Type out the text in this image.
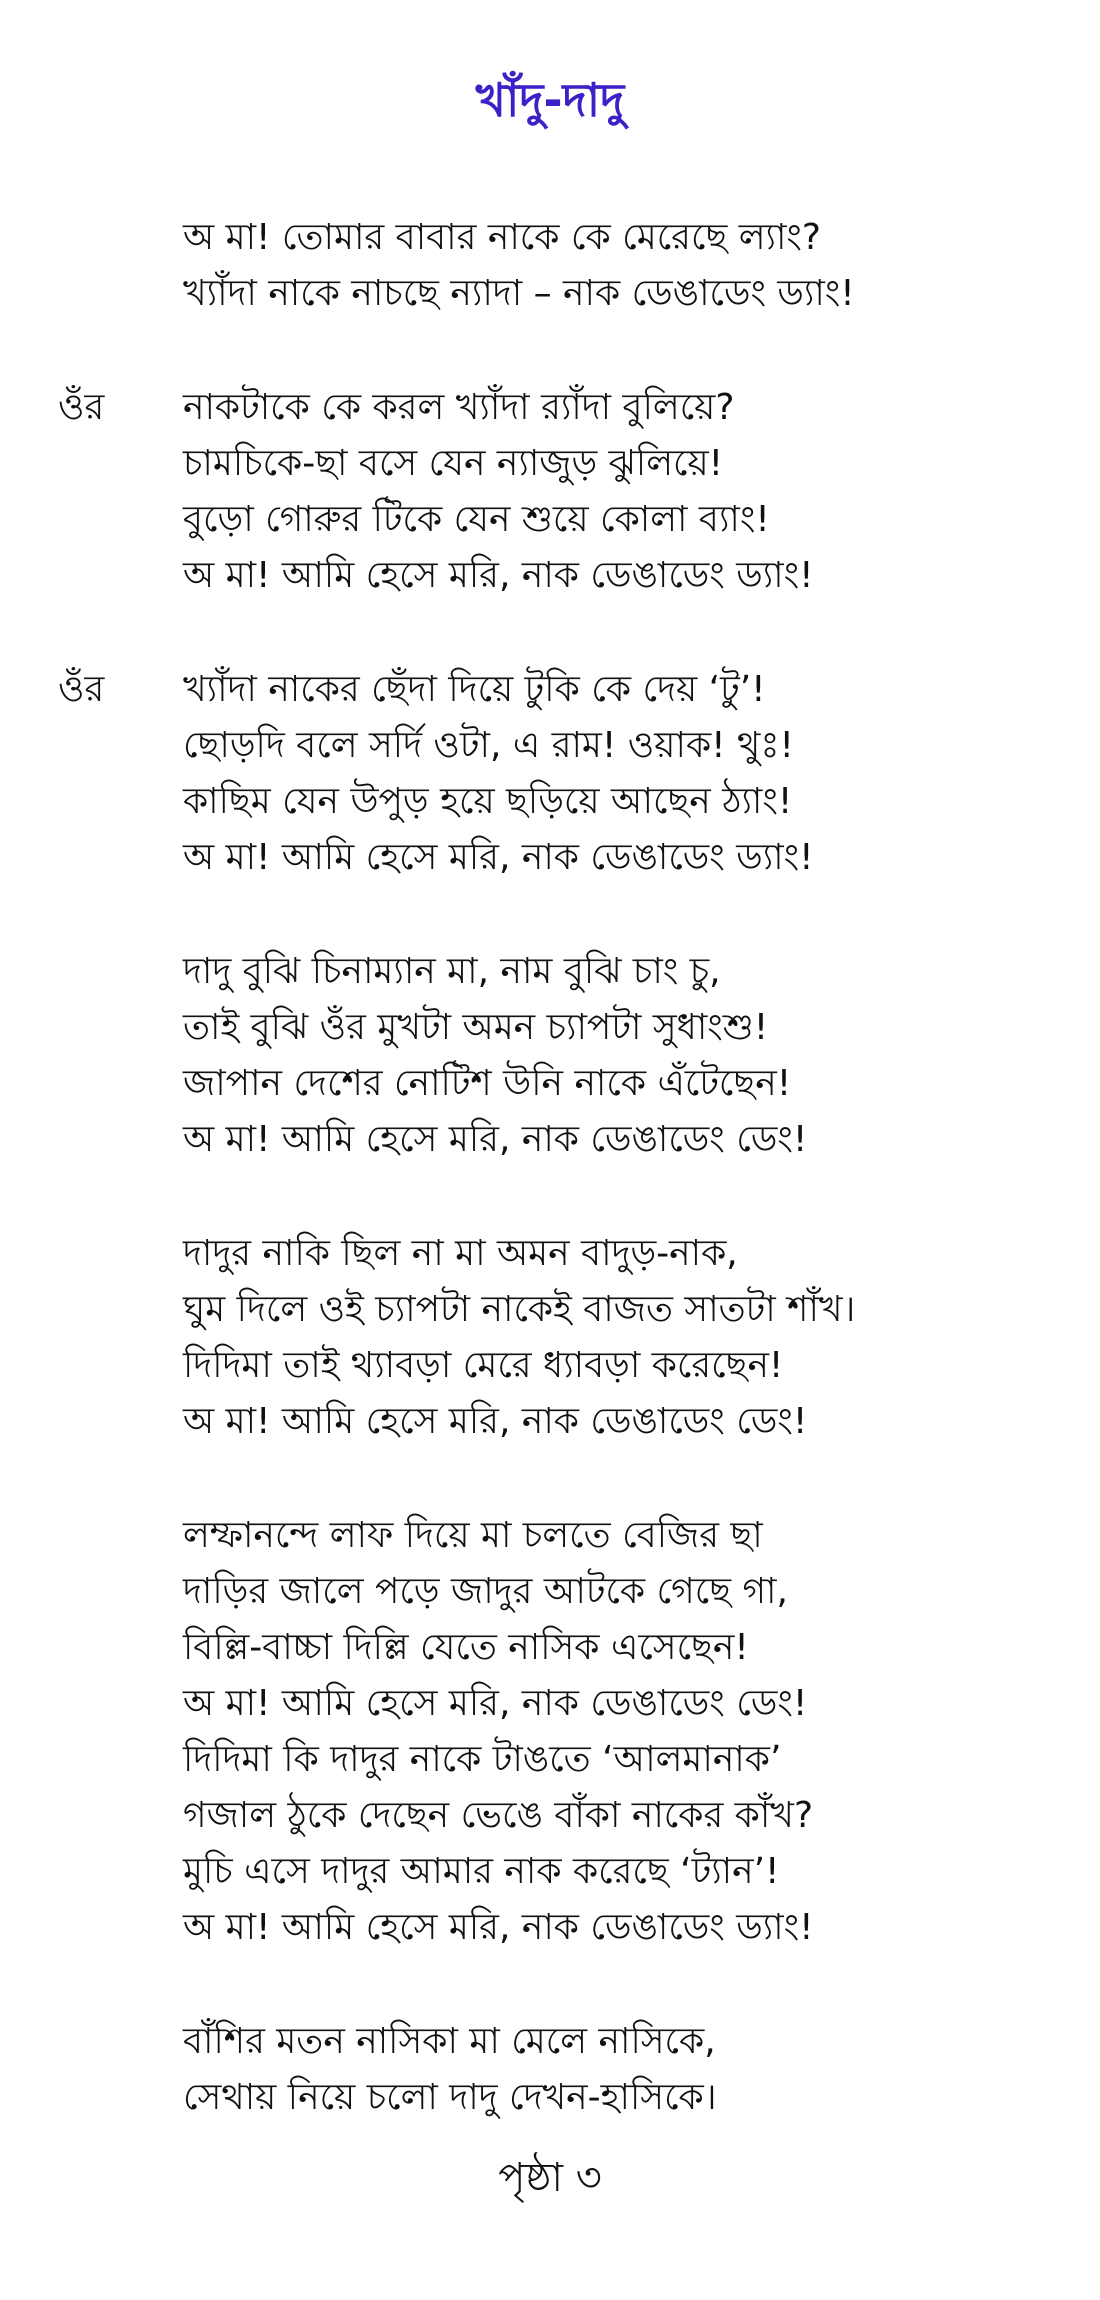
খাঁদু-দাদু
অ মা! তোমার বাবার নাকে কে মেরেছে ল্যাং?
খ্যাঁদা নাকে নাচছে ন্যাদা – নাক ডেঙাডেং ড্যাং!
ওঁর	নাকটাকে কে করল খ্যাঁদা র‍্যাঁদা বুলিয়ে?
চামচিকে-ছা বসে যেন ন্যাজুড় ঝুলিয়ে!
বুড়ো গোরুর টিকে যেন শুয়ে কোলা ব্যাং!
অ মা! আমি হেসে মরি, নাক ডেঙাডেং ড্যাং!
ওঁর	খ্যাঁদা নাকের ছেঁদা দিয়ে টুকি কে দেয় ‘টু’!
ছোড়দি বলে সর্দি ওটা, এ রাম! ওয়াক! থুঃ!
কাছিম যেন উপুড় হয়ে ছড়িয়ে আছেন ঠ্যাং!
অ মা! আমি হেসে মরি, নাক ডেঙাডেং ড্যাং!
দাদু বুঝি চিনাম্যান মা, নাম বুঝি চাং চু,
তাই বুঝি ওঁর মুখটা অমন চ্যাপটা সুধাংশু!
জাপান দেশের নোটিশ উনি নাকে এঁটেছেন!
অ মা! আমি হেসে মরি, নাক ডেঙাডেং ডেং!
দাদুর নাকি ছিল না মা অমন বাদুড়-নাক,
ঘুম দিলে ওই চ্যাপটা নাকেই বাজত সাতটা শাঁখ।
দিদিমা তাই থ্যাবড়া মেরে ধ্যাবড়া করেছেন!
অ মা! আমি হেসে মরি, নাক ডেঙাডেং ডেং!
লম্ফানন্দে লাফ দিয়ে মা চলতে বেজির ছা
দাড়ির জালে পড়ে জাদুর আটকে গেছে গা,
বিল্লি-বাচ্চা দিল্লি যেতে নাসিক এসেছেন!
অ মা! আমি হেসে মরি, নাক ডেঙাডেং ডেং!
দিদিমা কি দাদুর নাকে টাঙতে ‘আলমানাক’
গজাল ঠুকে দেছেন ভেঙে বাঁকা নাকের কাঁখ?
মুচি এসে দাদুর আমার নাক করেছে ‘ট্যান’!
অ মা! আমি হেসে মরি, নাক ডেঙাডেং ড্যাং!
বাঁশির মতন নাসিকা মা মেলে নাসিকে,
সেথায় নিয়ে চলো দাদু দেখন-হাসিকে।
পৃষ্ঠা ৩
